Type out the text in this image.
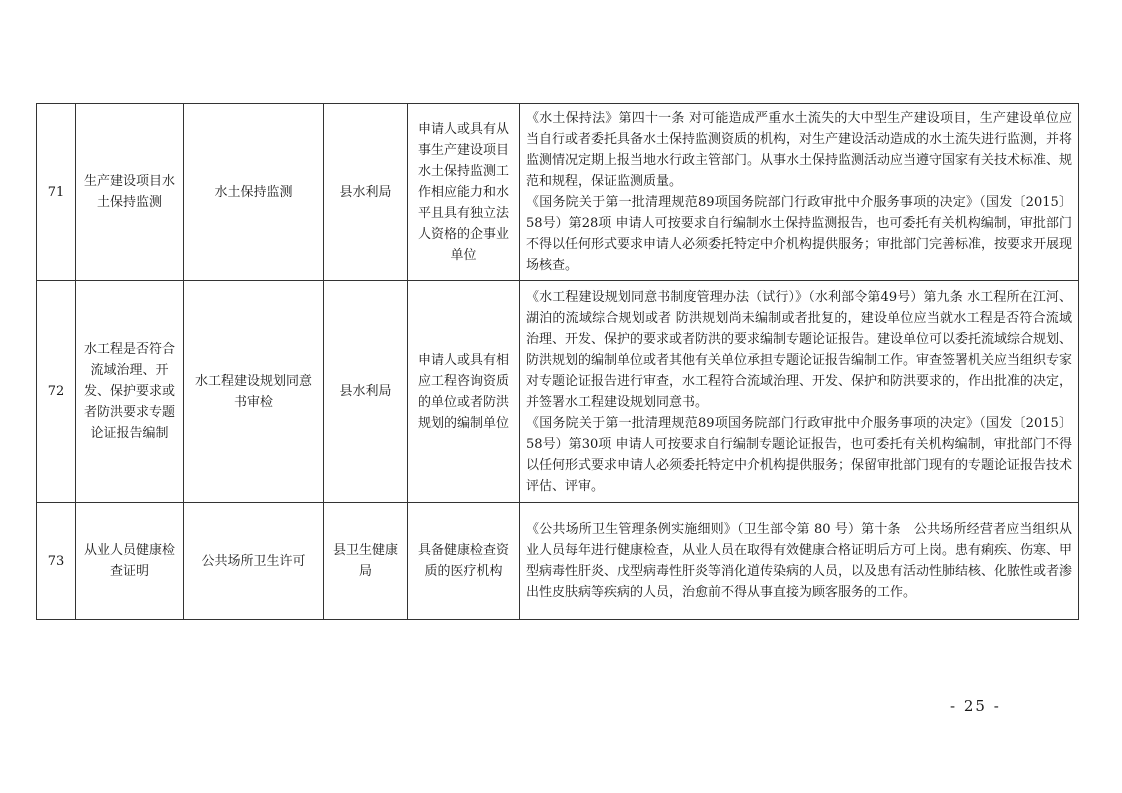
71	生产建设项目水土保持监测	水土保持监测	县水利局	申请人或具有从事生产建设项目水土保持监测工作相应能力和水平且具有独立法人资格的企事业单位	《水土保持法》第四十一条 对可能造成严重水土流失的大中型生产建设项目，生产建设单位应当自行或者委托具备水土保持监测资质的机构，对生产建设活动造成的水土流失进行监测，并将监测情况定期上报当地水行政主管部门。从事水土保持监测活动应当遵守国家有关技术标准、规范和规程，保证监测质量。
《国务院关于第一批清理规范89项国务院部门行政审批中介服务事项的决定》（国发〔2015〕58号）第28项 申请人可按要求自行编制水土保持监测报告，也可委托有关机构编制，审批部门不得以任何形式要求申请人必须委托特定中介机构提供服务；审批部门完善标准，按要求开展现场核查。

72	水工程是否符合流域治理、开发、保护要求或者防洪要求专题论证报告编制	水工程建设规划同意书审检	县水利局	申请人或具有相应工程咨询资质的单位或者防洪规划的编制单位	《水工程建设规划同意书制度管理办法（试行）》（水利部令第49号）第九条 水工程所在江河、湖泊的流域综合规划或者 防洪规划尚未编制或者批复的，建设单位应当就水工程是否符合流域治理、开发、保护的要求或者防洪的要求编制专题论证报告。建设单位可以委托流域综合规划、防洪规划的编制单位或者其他有关单位承担专题论证报告编制工作。审查签署机关应当组织专家对专题论证报告进行审查，水工程符合流域治理、开发、保护和防洪要求的，作出批准的决定，并签署水工程建设规划同意书。
《国务院关于第一批清理规范89项国务院部门行政审批中介服务事项的决定》（国发〔2015〕58号）第30项 申请人可按要求自行编制专题论证报告，也可委托有关机构编制，审批部门不得以任何形式要求申请人必须委托特定中介机构提供服务；保留审批部门现有的专题论证报告技术评估、评审。

73	从业人员健康检查证明	公共场所卫生许可	县卫生健康局	具备健康检查资质的医疗机构	《公共场所卫生管理条例实施细则》（卫生部令第 80 号）第十条　公共场所经营者应当组织从业人员每年进行健康检查，从业人员在取得有效健康合格证明后方可上岗。患有痢疾、伤寒、甲型病毒性肝炎、戊型病毒性肝炎等消化道传染病的人员，以及患有活动性肺结核、化脓性或者渗出性皮肤病等疾病的人员，治愈前不得从事直接为顾客服务的工作。
- 25 -
